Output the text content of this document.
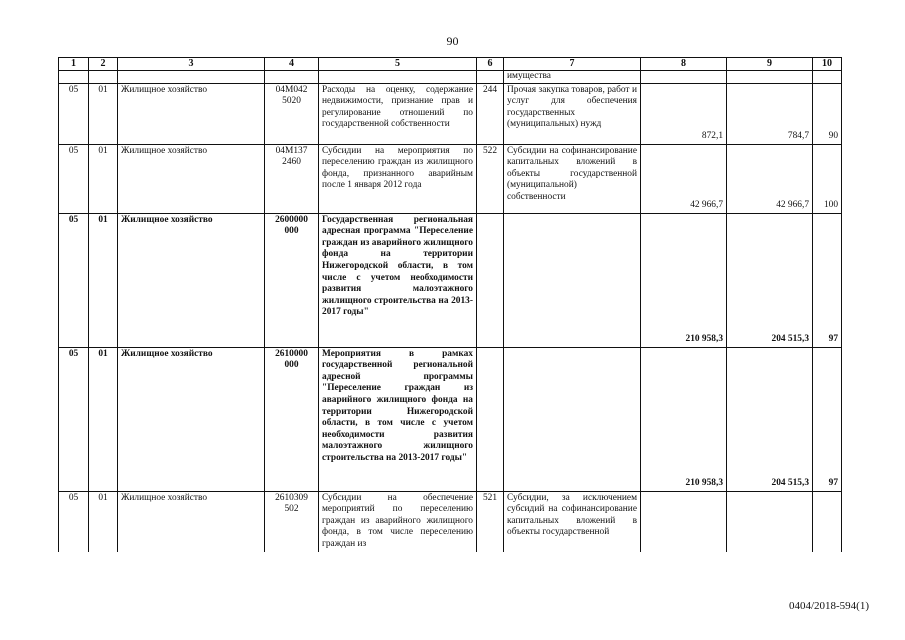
90
1	2	3	4	5	6	7	8	9	10
						имущества			
05	01	Жилищное хозяйство	04М042 5020	Расходы на оценку, содержание недвижимости, признание прав и регулирование отношений по государственной собственности	244	Прочая закупка товаров, работ и услуг для обеспечения государственных (муниципальных) нужд	872,1	784,7	90
05	01	Жилищное хозяйство	04М137 2460	Субсидии на мероприятия по переселению граждан из жилищного фонда, признанного аварийным после 1 января 2012 года	522	Субсидии на софинансирование капитальных вложений в объекты государственной (муниципальной) собственности	42 966,7	42 966,7	100
05	01	Жилищное хозяйство	2600000 000	Государственная региональная адресная программа "Переселение граждан из аварийного жилищного фонда на территории Нижегородской области, в том числе с учетом необходимости развития малоэтажного жилищного строительства на 2013-2017 годы"			210 958,3	204 515,3	97
05	01	Жилищное хозяйство	2610000 000	Мероприятия в рамках государственной региональной адресной программы "Переселение граждан из аварийного жилищного фонда на территории Нижегородской области, в том числе с учетом необходимости развития малоэтажного жилищного строительства на 2013-2017 годы"			210 958,3	204 515,3	97
05	01	Жилищное хозяйство	2610309 502	Субсидии на обеспечение мероприятий по переселению граждан из аварийного жилищного фонда, в том числе переселению граждан из	521	Субсидии, за исключением субсидий на софинансирование капитальных вложений в объекты государственной			
0404/2018-594(1)
